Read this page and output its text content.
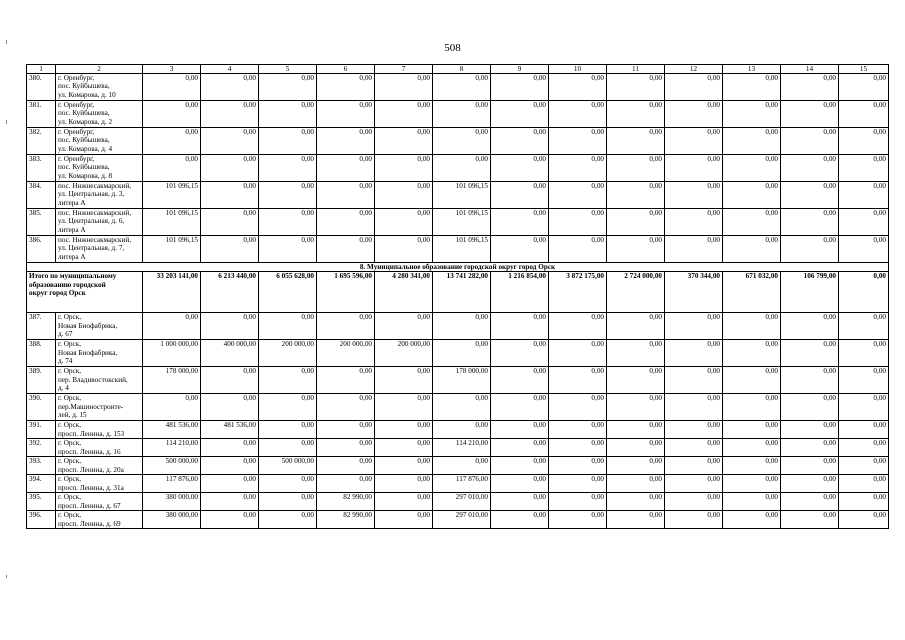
508
1	2	3	4	5	6	7	8	9	10	11	12	13	14	15
380.	г. Оренбург,
пос. Куйбышева,
ул. Комарова, д. 10	0,00	0,00	0,00	0,00	0,00	0,00	0,00	0,00	0,00	0,00	0,00	0,00	0,00
381.	г. Оренбург,
пос. Куйбышева,
ул. Комарова, д. 2	0,00	0,00	0,00	0,00	0,00	0,00	0,00	0,00	0,00	0,00	0,00	0,00	0,00
382.	г. Оренбург,
пос. Куйбышева,
ул. Комарова, д. 4	0,00	0,00	0,00	0,00	0,00	0,00	0,00	0,00	0,00	0,00	0,00	0,00	0,00
383.	г. Оренбург,
пос. Куйбышева,
ул. Комарова, д. 8	0,00	0,00	0,00	0,00	0,00	0,00	0,00	0,00	0,00	0,00	0,00	0,00	0,00
384.	пос. Нижнесакмарский,
ул. Центральная, д. 3,
литера А	101 096,15	0,00	0,00	0,00	0,00	101 096,15	0,00	0,00	0,00	0,00	0,00	0,00	0,00
385.	пос. Нижнесакмарский,
ул. Центральная, д. 6,
литера А	101 096,15	0,00	0,00	0,00	0,00	101 096,15	0,00	0,00	0,00	0,00	0,00	0,00	0,00
386.	пос. Нижнесакмарский,
ул. Центральная, д. 7,
литера А	101 096,15	0,00	0,00	0,00	0,00	101 096,15	0,00	0,00	0,00	0,00	0,00	0,00	0,00
8. Муниципальное образование городской округ город Орск														
Итого по муниципальному
образованию городской
округ город Орск		33 203 141,00	6 213 440,00	6 055 628,00	1 695 596,00	4 280 341,00	13 741 282,00	1 216 854,00	3 872 175,00	2 724 000,00	370 344,00	671 032,00	106 799,00	0,00
387.	г. Орск,
Новая Биофабрика,
д. 67	0,00	0,00	0,00	0,00	0,00	0,00	0,00	0,00	0,00	0,00	0,00	0,00	0,00
388.	г. Орск,
Новая Биофабрика,
д. 74	1 000 000,00	400 000,00	200 000,00	200 000,00	200 000,00	0,00	0,00	0,00	0,00	0,00	0,00	0,00	0,00
389.	г. Орск,
пер. Владивостокский,
д. 4	178 000,00	0,00	0,00	0,00	0,00	178 000,00	0,00	0,00	0,00	0,00	0,00	0,00	0,00
390.	г. Орск,
пер.Машиностроите-
лей, д. 15	0,00	0,00	0,00	0,00	0,00	0,00	0,00	0,00	0,00	0,00	0,00	0,00	0,00
391.	г. Орск,
просп. Ленина, д. 153	481 536,00	481 536,00	0,00	0,00	0,00	0,00	0,00	0,00	0,00	0,00	0,00	0,00	0,00
392.	г. Орск,
просп. Ленина, д. 16	114 210,00	0,00	0,00	0,00	0,00	114 210,00	0,00	0,00	0,00	0,00	0,00	0,00	0,00
393.	г. Орск,
просп. Ленина, д. 20а	500 000,00	0,00	500 000,00	0,00	0,00	0,00	0,00	0,00	0,00	0,00	0,00	0,00	0,00
394.	г. Орск,
просп. Ленина, д. 31а	117 876,00	0,00	0,00	0,00	0,00	117 876,00	0,00	0,00	0,00	0,00	0,00	0,00	0,00
395.	г. Орск,
просп. Ленина, д. 67	380 000,00	0,00	0,00	82 990,00	0,00	297 010,00	0,00	0,00	0,00	0,00	0,00	0,00	0,00
396.	г. Орск,
просп. Ленина, д. 69	380 000,00	0,00	0,00	82 990,00	0,00	297 010,00	0,00	0,00	0,00	0,00	0,00	0,00	0,00
